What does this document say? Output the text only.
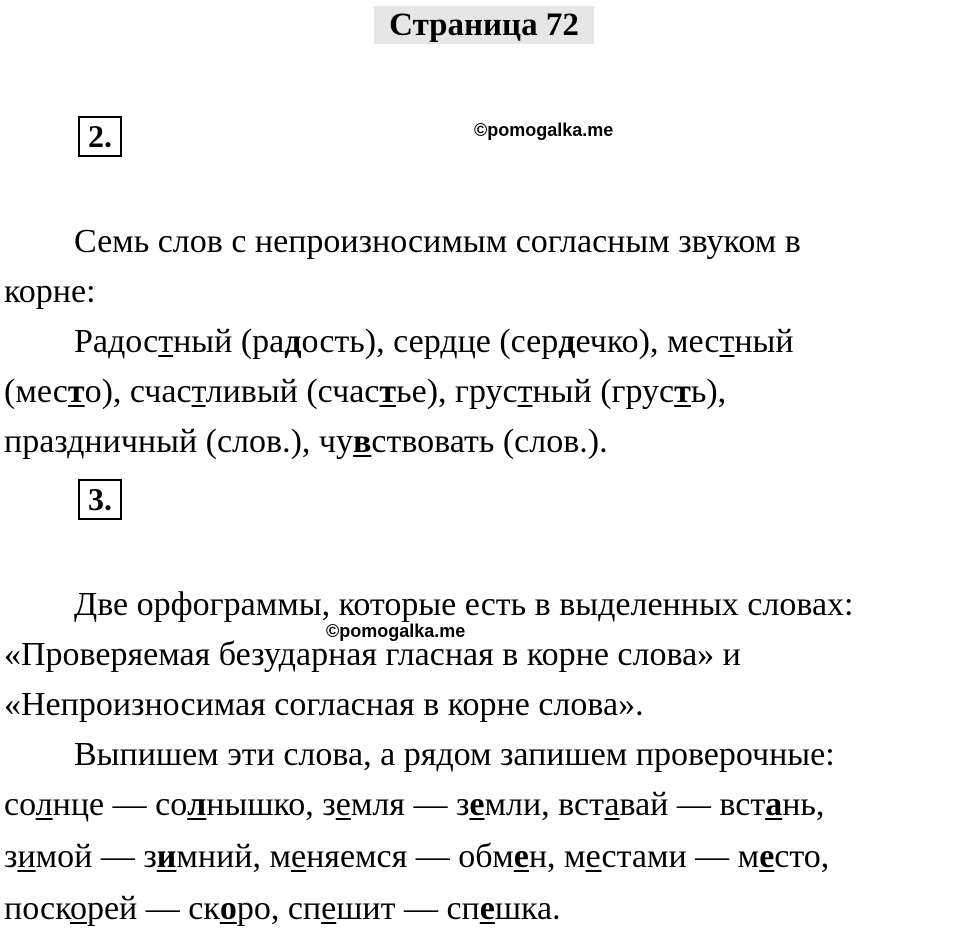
Страница 72
2.	©pomogalka.me
Семь слов с непроизносимым согласным звуком в
корне:
Радостный (радость), сердце (сердечко), местный
(место), счастливый (счастье), грустный (грусть),
праздничный (слов.), чувствовать (слов.).
3.
Две орфограммы, которые есть в выделенных словах:
©pomogalka.me
«Проверяемая безударная гласная в корне слова» и
«Непроизносимая согласная в корне слова».
Выпишем эти слова, а рядом запишем проверочные:
солнце — солнышко, земля — земли, вставай — встань,
зимой — зимний, меняемся — обмен, местами — место,
поскорей — скоро, спешит — спешка.
